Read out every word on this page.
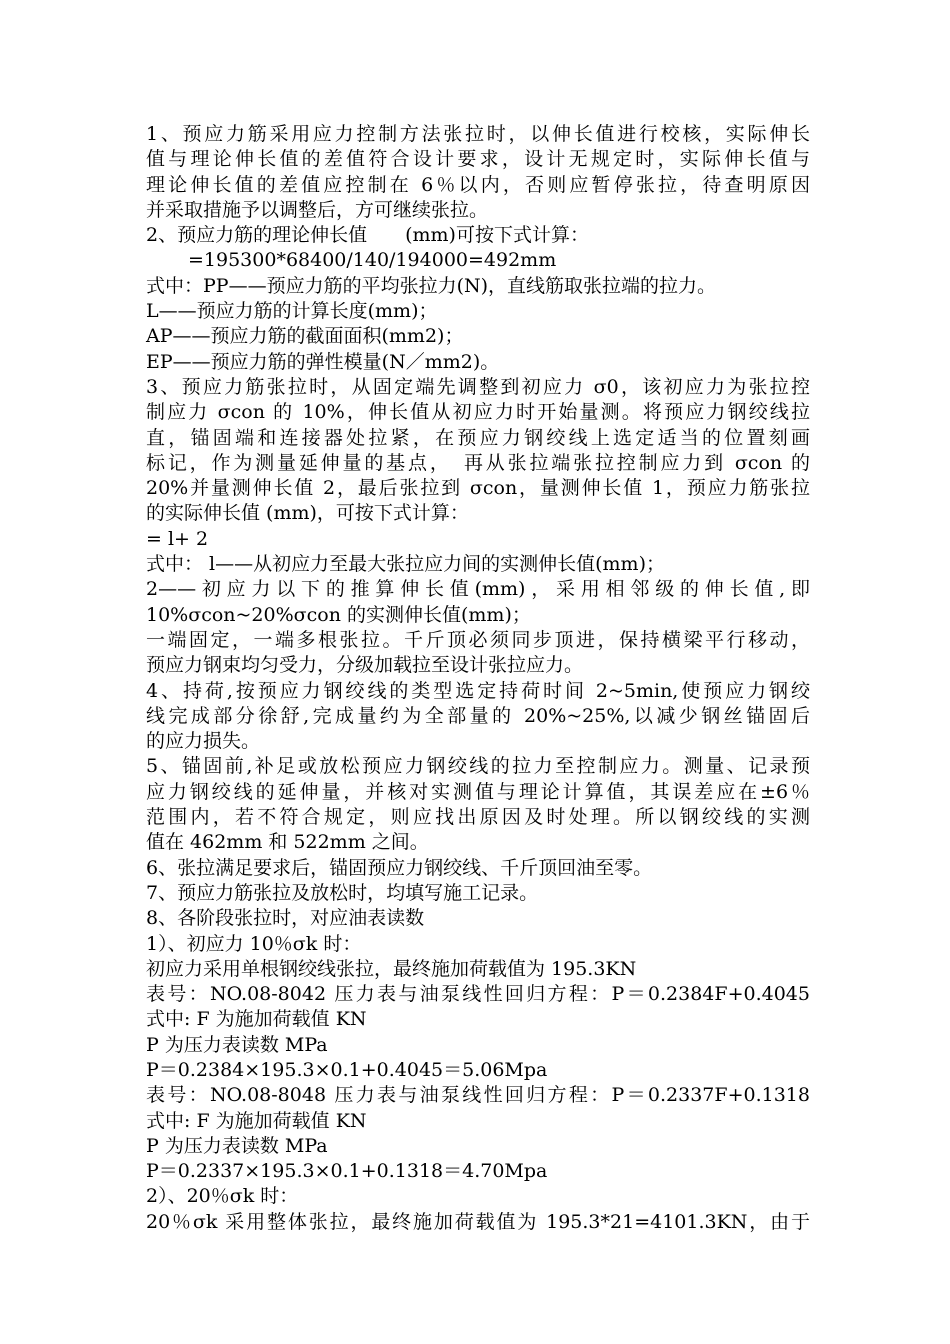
1、预应力筋采用应力控制方法张拉时，以伸长值进行校核，实际伸长
值与理论伸长值的差值符合设计要求，设计无规定时，实际伸长值与
理论伸长值的差值应控制在 6％以内，否则应暂停张拉，待查明原因
并采取措施予以调整后，方可继续张拉。
2、预应力筋的理论伸长值　　(mm)可按下式计算：
=195300*68400/140/194000=492mm
式中：PP——预应力筋的平均张拉力(N)，直线筋取张拉端的拉力。
L——预应力筋的计算长度(mm)；
AP——预应力筋的截面面积(mm2)；
EP——预应力筋的弹性模量(N／mm2)。
3、预应力筋张拉时，从固定端先调整到初应力 σ0，该初应力为张拉控
制应力 σcon 的 10%，伸长值从初应力时开始量测。将预应力钢绞线拉
直，锚固端和连接器处拉紧，在预应力钢绞线上选定适当的位置刻画
标记，作为测量延伸量的基点，　再从张拉端张拉控制应力到 σcon 的
20%并量测伸长值 2，最后张拉到 σcon，量测伸长值 1，预应力筋张拉
的实际伸长值 (mm)，可按下式计算：
= l+ 2
式中： l——从初应力至最大张拉应力间的实测伸长值(mm)；
2——初应力以下的推算伸长值(mm)，采用相邻级的伸长值,即
10%σcon~20%σcon 的实测伸长值(mm)；
一端固定，一端多根张拉。千斤顶必须同步顶进，保持横梁平行移动，
预应力钢束均匀受力，分级加载拉至设计张拉应力。
4、持荷,按预应力钢绞线的类型选定持荷时间 2~5min,使预应力钢绞
线完成部分徐舒,完成量约为全部量的 20%~25%,以减少钢丝锚固后
的应力损失。
5、锚固前,补足或放松预应力钢绞线的拉力至控制应力。测量、记录预
应力钢绞线的延伸量，并核对实测值与理论计算值，其误差应在±6％
范围内，若不符合规定，则应找出原因及时处理。所以钢绞线的实测
值在 462mm 和 522mm 之间。
6、张拉满足要求后，锚固预应力钢绞线、千斤顶回油至零。
7、预应力筋张拉及放松时，均填写施工记录。
8、各阶段张拉时，对应油表读数
1）、初应力 10％σk 时：
初应力采用单根钢绞线张拉，最终施加荷载值为 195.3KN
表号：NO.08-8042 压力表与油泵线性回归方程：P＝0.2384F+0.4045
式中: F 为施加荷载值 KN
P 为压力表读数 MPa
P＝0.2384×195.3×0.1+0.4045＝5.06Mpa
表号：NO.08-8048 压力表与油泵线性回归方程：P＝0.2337F+0.1318
式中: F 为施加荷载值 KN
P 为压力表读数 MPa
P＝0.2337×195.3×0.1+0.1318＝4.70Mpa
2）、20％σk 时：
20％σk 采用整体张拉，最终施加荷载值为 195.3*21=4101.3KN，由于
